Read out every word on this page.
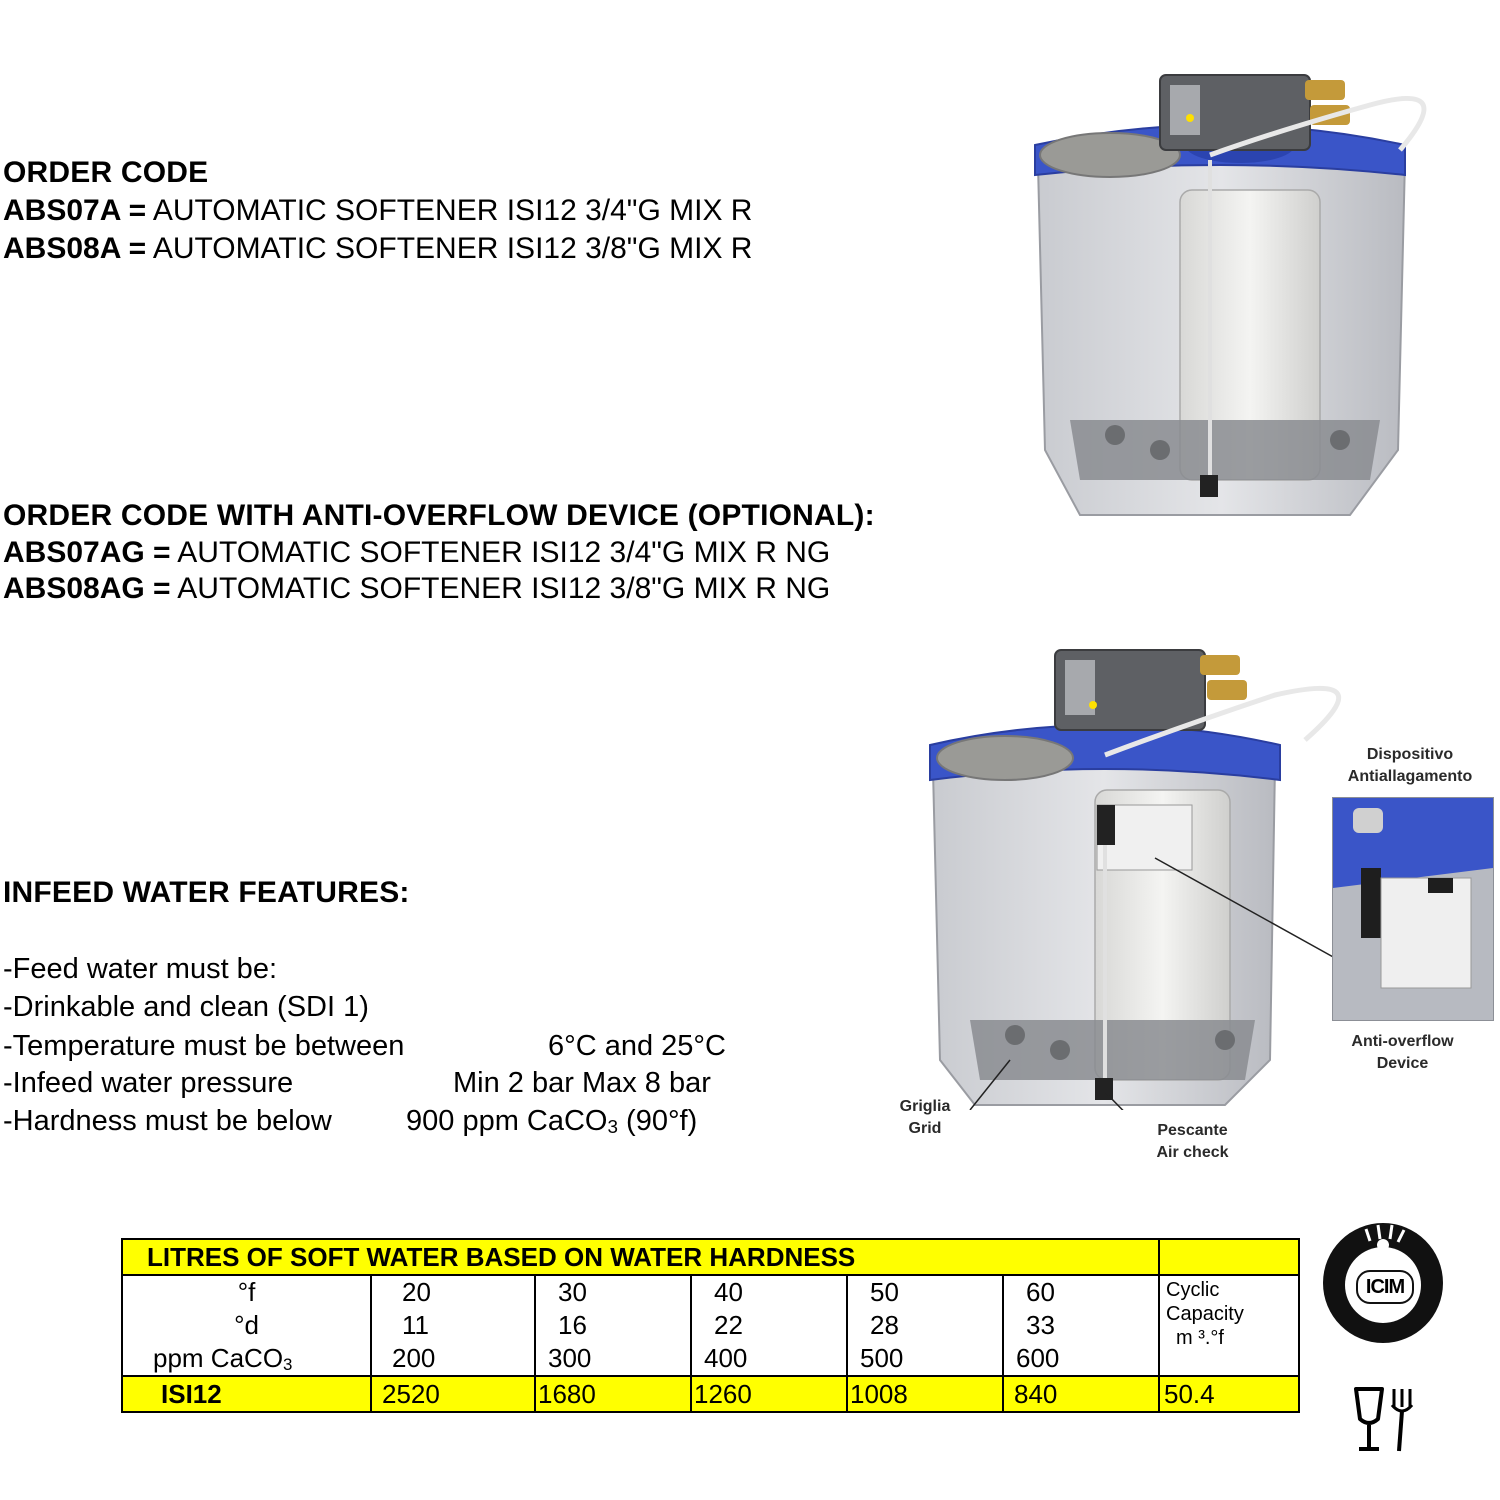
ORDER CODE
ABS07A = AUTOMATIC SOFTENER ISI12 3/4"G MIX R
ABS08A = AUTOMATIC SOFTENER ISI12 3/8"G MIX R
ORDER CODE WITH ANTI-OVERFLOW DEVICE (OPTIONAL):
ABS07AG = AUTOMATIC SOFTENER ISI12 3/4"G MIX R NG
ABS08AG = AUTOMATIC SOFTENER ISI12 3/8"G MIX R NG
INFEED WATER FEATURES:
-Feed water must be:
-Drinkable and clean (SDI 1)
-Temperature must be between	6°C and 25°C
-Infeed water pressure	Min 2 bar Max 8 bar
-Hardness must be below	900 ppm CaCO$_3$ (90°f)
Dispositivo
Antiallagamento
Anti-overflow
Device
Griglia
Grid	Pescante
Air check
LITRES OF SOFT WATER BASED ON WATER HARDNESS						
°f	20	30	40	50	60	Cyclic
Capacity
m ³.°f

°d	11	16	22	28	33	
ppm CaCO$_3$	200	300	400	500	600	
ISI12	2520	1680	1260	1008	840	50.4
ICIM
